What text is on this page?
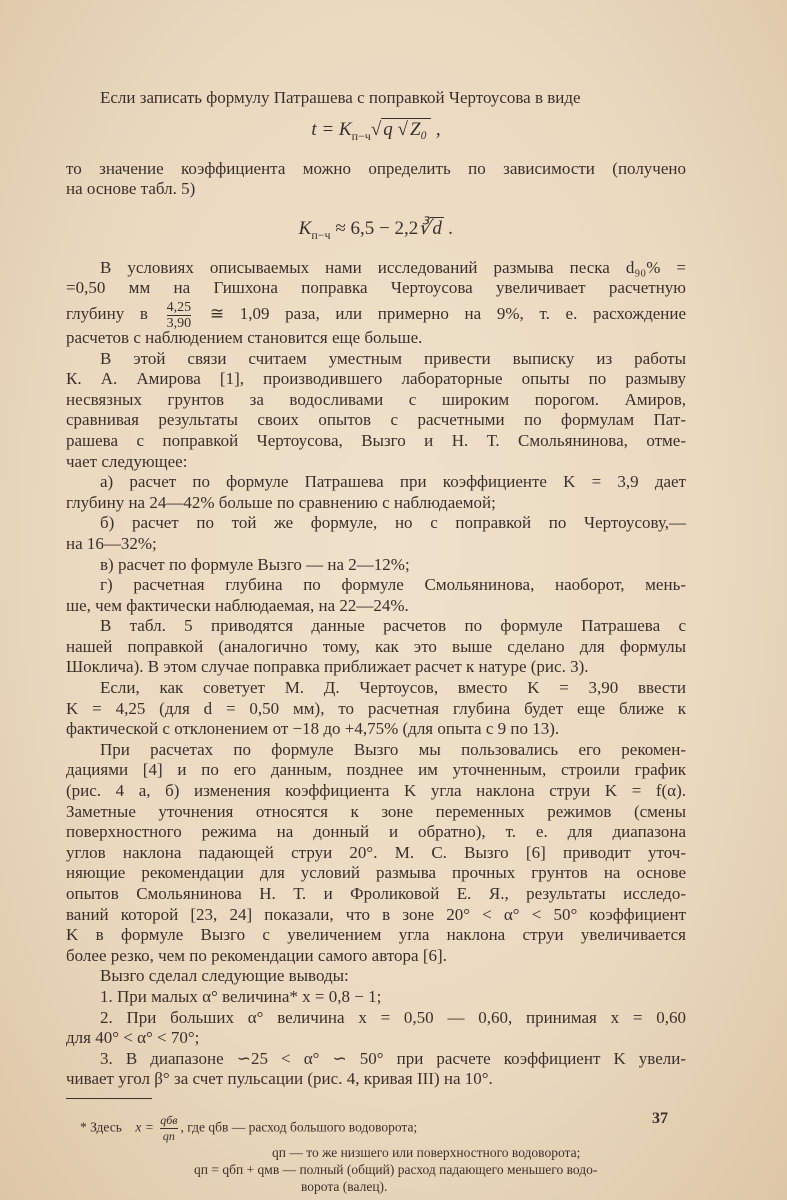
Если записать формулу Патрашева с поправкой Чертоусова в виде
$t = K_{п-ч}√$ q √ Z₀ ,
то значение коэффициента можно определить по зависимости (получено
на основе табл. 5)
$K_{п-ч} \approx 6,5$ − 2,2∛ d .
В условиях описываемых нами исследований размыва песка d₉₀% =
=0,50 мм на Гишхона поправка Чертоусова увеличивает расчетную
глубину в $\frac{4,25}{3,90}$ ≅ 1,09 раза, или примерно на 9%, т. е. расхождение
расчетов с наблюдением становится еще больше.
В этой связи считаем уместным привести выписку из работы
К. А. Амирова [1], производившего лабораторные опыты по размыву
несвязных грунтов за водосливами с широким порогом. Амиров,
сравнивая результаты своих опытов с расчетными по формулам Пат-
рашева с поправкой Чертоусова, Вызго и Н. Т. Смольянинова, отме-
чает следующее:
а) расчет по формуле Патрашева при коэффициенте K = 3,9 дает
глубину на 24—42% больше по сравнению с наблюдаемой;
б) расчет по той же формуле, но с поправкой по Чертоусову,—
на 16—32%;
в) расчет по формуле Вызго — на 2—12%;
г) расчетная глубина по формуле Смольянинова, наоборот, мень-
ше, чем фактически наблюдаемая, на 22—24%.
В табл. 5 приводятся данные расчетов по формуле Патрашева с
нашей поправкой (аналогично тому, как это выше сделано для формулы
Шоклича). В этом случае поправка приближает расчет к натуре (рис. 3).
Если, как советует М. Д. Чертоусов, вместо K = 3,90 ввести
K = 4,25 (для d = 0,50 мм), то расчетная глубина будет еще ближе к
фактической с отклонением от −18 до +4,75% (для опыта с 9 по 13).
При расчетах по формуле Вызго мы пользовались его рекомен-
дациями [4] и по его данным, позднее им уточненным, строили график
(рис. 4 а, б) изменения коэффициента K угла наклона струи K = f(α).
Заметные уточнения относятся к зоне переменных режимов (смены
поверхностного режима на донный и обратно), т. е. для диапазона
углов наклона падающей струи 20°. М. С. Вызго [6] приводит уточ-
няющие рекомендации для условий размыва прочных грунтов на основе
опытов Смольянинова Н. Т. и Фроликовой Е. Я., результаты исследо-
ваний которой [23, 24] показали, что в зоне 20° < α° < 50° коэффициент
K в формуле Вызго с увеличением угла наклона струи увеличивается
более резко, чем по рекомендации самого автора [6].
Вызго сделал следующие выводы:
1. При малых α° величина* x = 0,8 − 1;
2. При больших α° величина x = 0,50 — 0,60, принимая x = 0,60
для 40° < α° < 70°;
3. В диапазоне ∽25 < α° ∽ 50° при расчете коэффициент K увели-
чивает угол β° за счет пульсации (рис. 4, кривая III) на 10°.
* Здесь $x = \frac{\text{qбв}}{qп}$ , где qбв — расход большого водоворота;
qп — то же низшего или поверхностного водоворота;
qп = qбп + qмв — полный (общий) расход падающего меньшего водо-
ворота (валец).
37
